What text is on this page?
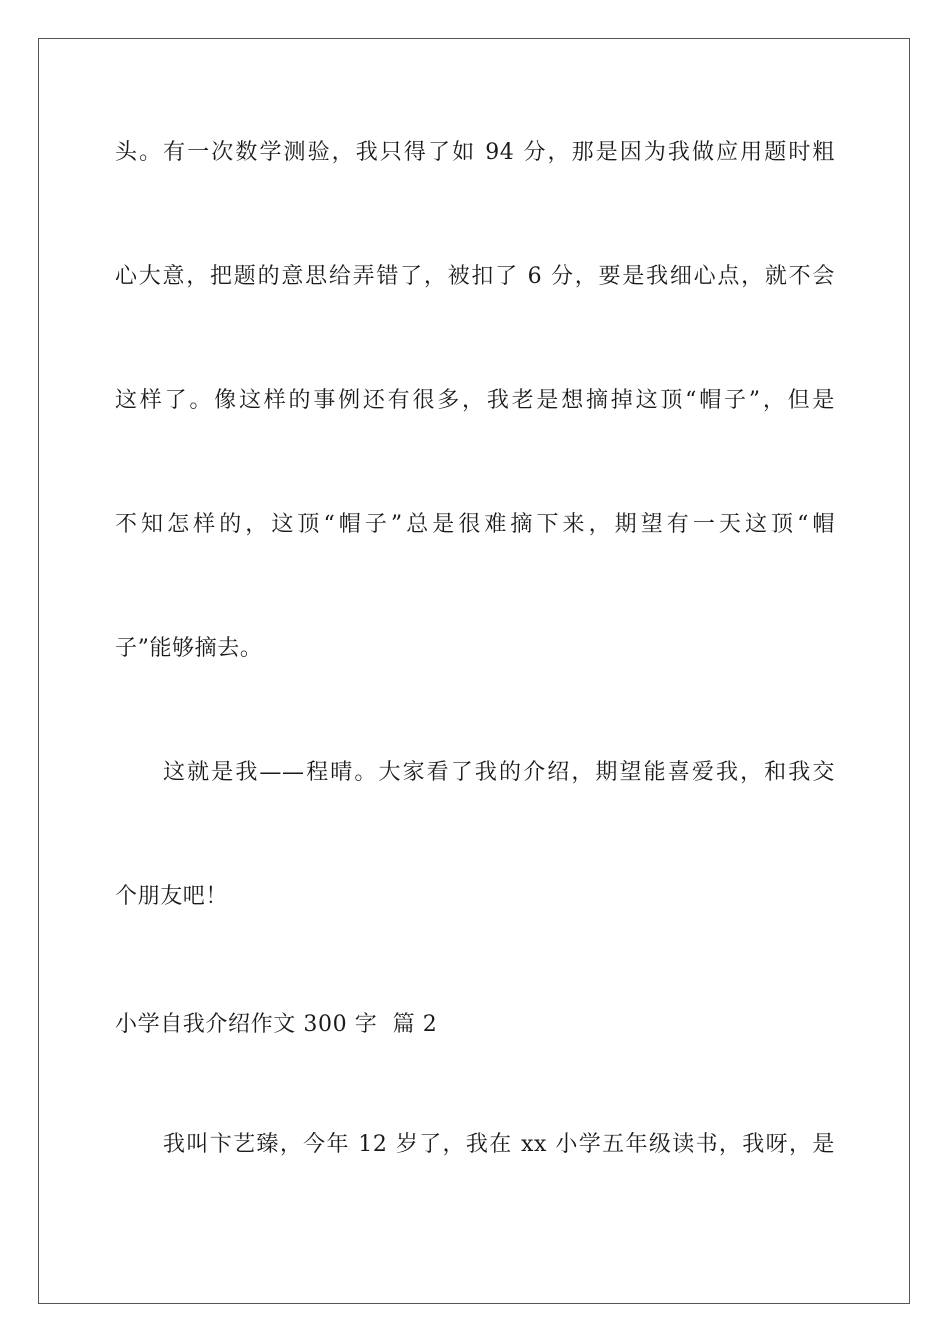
头。有一次数学测验，我只得了如 94 分，那是因为我做应用题时粗
心大意，把题的意思给弄错了，被扣了 6 分，要是我细心点，就不会
这样了。像这样的事例还有很多，我老是想摘掉这顶“帽子”，但是
不知怎样的，这顶“帽子”总是很难摘下来，期望有一天这顶“帽
子”能够摘去。
这就是我——程晴。大家看了我的介绍，期望能喜爱我，和我交
个朋友吧！
小学自我介绍作文 300 字  篇 2
我叫卞艺臻，今年 12 岁了，我在 xx 小学五年级读书，我呀，是
